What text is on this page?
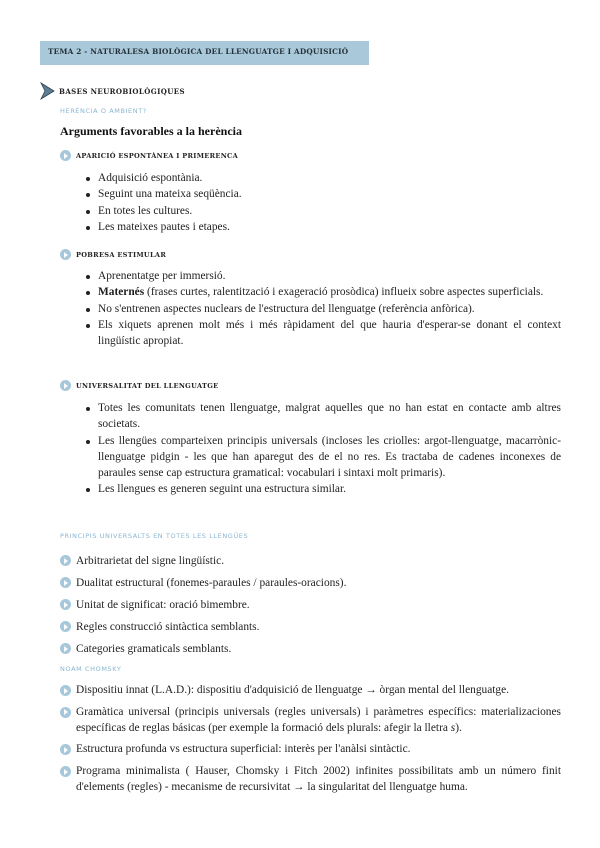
TEMA 2 - NATURALESA BIOLÒGICA DEL LLENGUATGE I ADQUISICIÓ
BASES NEUROBIOLÒGIQUES
HERÈNCIA O AMBIENT?
Arguments favorables a la herència
APARICIÓ ESPONTÀNEA I PRIMERENCA
Adquisició espontània.
Seguint una mateixa seqüència.
En totes les cultures.
Les mateixes pautes i etapes.
POBRESA ESTIMULAR
Aprenentatge per immersió.
Maternés (frases curtes, ralentització i exageració prosòdica) influeix sobre aspectes superficials.
No s'entrenen aspectes nuclears de l'estructura del llenguatge (referència anfòrica).
Els xiquets aprenen molt més i més ràpidament del que hauria d'esperar-se donant el context lingüístic apropiat.
UNIVERSALITAT DEL LLENGUATGE
Totes les comunitats tenen llenguatge, malgrat aquelles que no han estat en contacte amb altres societats.
Les llengües comparteixen principis universals (incloses les criolles: argot-llenguatge, macarrònic-llenguatge pidgin - les que han aparegut des de el no res. Es tractaba de cadenes inconexes de paraules sense cap estructura gramatical: vocabulari i sintaxi molt primaris).
Les llengues es generen seguint una estructura similar.
PRINCIPIS UNIVERSALTS EN TOTES LES LLENGÜES
Arbitrarietat del signe lingüístic.
Dualitat estructural (fonemes-paraules / paraules-oracions).
Unitat de significat: oració bimembre.
Regles construcció sintàctica semblants.
Categories gramaticals semblants.
NOAM CHOMSKY
Dispositiu innat (L.A.D.): dispositiu d'adquisició de llenguatge → òrgan mental del llenguatge.
Gramàtica universal (principis universals (regles universals) i paràmetres específics: materializaciones específicas de reglas básicas (per exemple la formació dels plurals: afegir la lletra s).
Estructura profunda vs estructura superficial: interès per l'anàlsi sintàctic.
Programa minimalista ( Hauser, Chomsky i Fitch 2002) infinites possibilitats amb un número finit d'elements (regles) - mecanisme de recursivitat → la singularitat del llenguatge huma.
